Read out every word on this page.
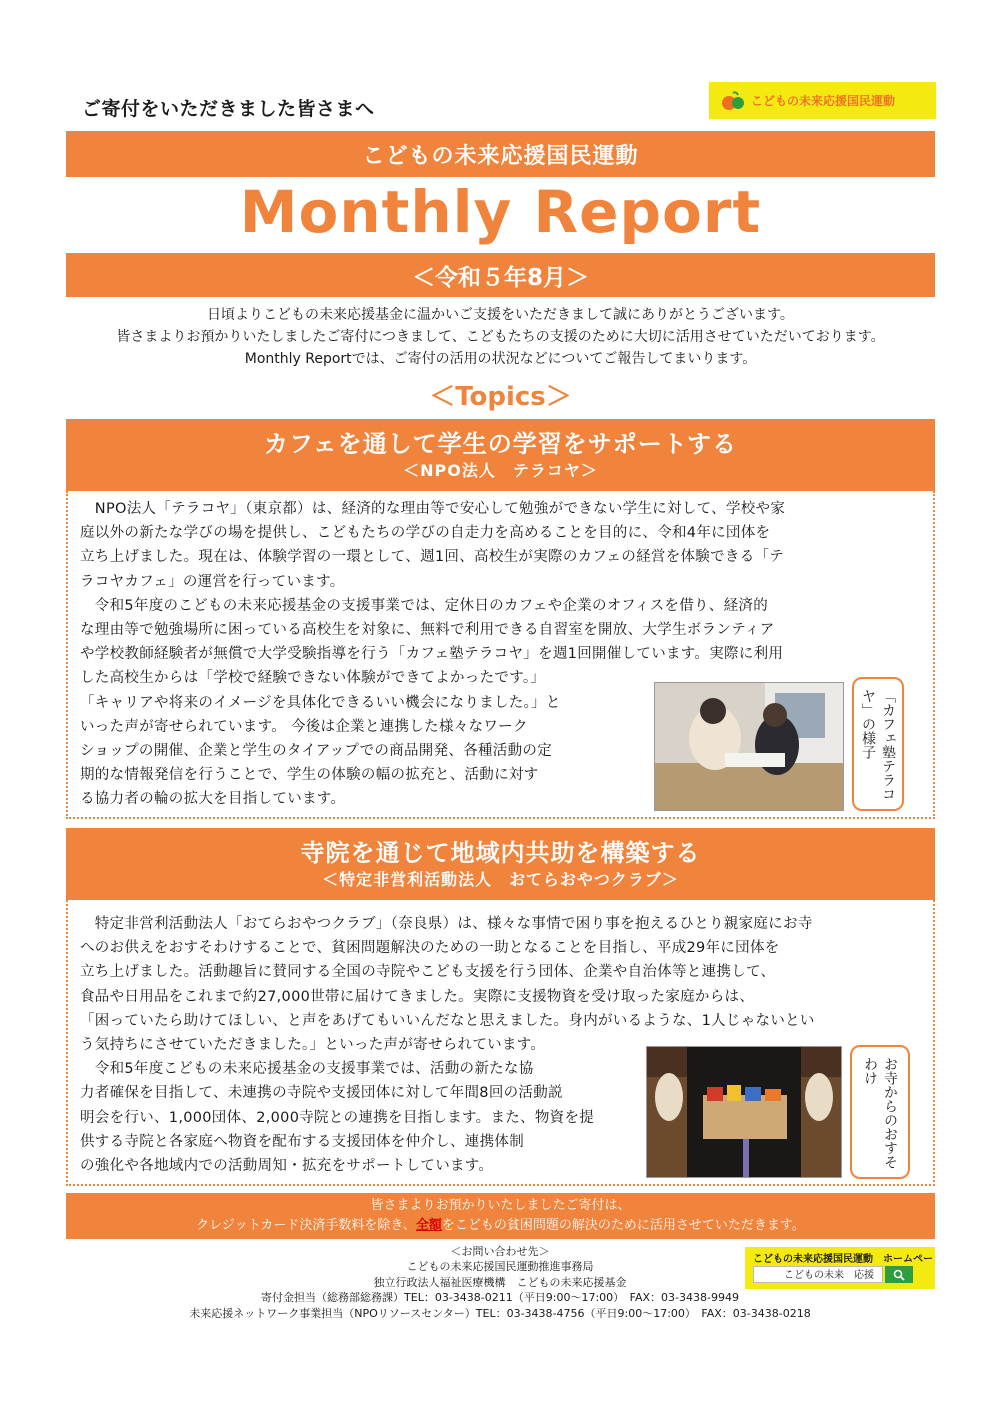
ご寄付をいただきました皆さまへ	こどもの未来応援国民運動
こどもの未来応援国民運動
Monthly Report
＜令和５年8月＞
日頃よりこどもの未来応援基金に温かいご支援をいただきまして誠にありがとうございます。
皆さまよりお預かりいたしましたご寄付につきまして、こどもたちの支援のために大切に活用させていただいております。
Monthly Reportでは、ご寄付の活用の状況などについてご報告してまいります。
＜Topics＞
カフェを通して学生の学習をサポートする
＜NPO法人　テラコヤ＞
　NPO法人「テラコヤ」（東京都）は、経済的な理由等で安心して勉強ができない学生に対して、学校や家
庭以外の新たな学びの場を提供し、こどもたちの学びの自走力を高めることを目的に、令和4年に団体を
立ち上げました。現在は、体験学習の一環として、週1回、高校生が実際のカフェの経営を体験できる「テ
ラコヤカフェ」の運営を行っています。
　令和5年度のこどもの未来応援基金の支援事業では、定休日のカフェや企業のオフィスを借り、経済的
な理由等で勉強場所に困っている高校生を対象に、無料で利用できる自習室を開放、大学生ボランティア
や学校教師経験者が無償で大学受験指導を行う「カフェ塾テラコヤ」を週1回開催しています。実際に利用
した高校生からは「学校で経験できない体験ができてよかったです。」
「キャリアや将来のイメージを具体化できるいい機会になりました。」と
いった声が寄せられています。 今後は企業と連携した様々なワーク
ショップの開催、企業と学生のタイアップでの商品開発、各種活動の定
期的な情報発信を行うことで、学生の体験の幅の拡充と、活動に対す
る協力者の輪の拡大を目指しています。	「カフェ塾テラコヤ」の様子
寺院を通じて地域内共助を構築する
＜特定非営利活動法人　おてらおやつクラブ＞
　特定非営利活動法人「おてらおやつクラブ」（奈良県）は、様々な事情で困り事を抱えるひとり親家庭にお寺
へのお供えをおすそわけすることで、貧困問題解決のための一助となることを目指し、平成29年に団体を
立ち上げました。活動趣旨に賛同する全国の寺院やこども支援を行う団体、企業や自治体等と連携して、
食品や日用品をこれまで約27,000世帯に届けてきました。実際に支援物資を受け取った家庭からは、
「困っていたら助けてほしい、と声をあげてもいいんだなと思えました。身内がいるような、1人じゃないとい
う気持ちにさせていただきました。」といった声が寄せられています。
　令和5年度こどもの未来応援基金の支援事業では、活動の新たな協
力者確保を目指して、未連携の寺院や支援団体に対して年間8回の活動説
明会を行い、1,000団体、2,000寺院との連携を目指します。また、物資を提
供する寺院と各家庭へ物資を配布する支援団体を仲介し、連携体制
の強化や各地域内での活動周知・拡充をサポートしています。	お寺からのおすそわけ
皆さまよりお預かりいたしましたご寄付は、
クレジットカード決済手数料を除き、全額をこどもの貧困問題の解決のために活用させていただきます。
＜お問い合わせ先＞
こどもの未来応援国民運動推進事務局
独立行政法人福祉医療機構　こどもの未来応援基金
寄付金担当（総務部総務課）TEL：03-3438-0211（平日9:00～17:00）　FAX：03-3438-9949
未来応援ネットワーク事業担当（NPOリソースセンター）TEL：03-3438-4756（平日9:00～17:00）　FAX：03-3438-0218
こどもの未来応援国民運動　ホームペー
こどもの未来　応援
